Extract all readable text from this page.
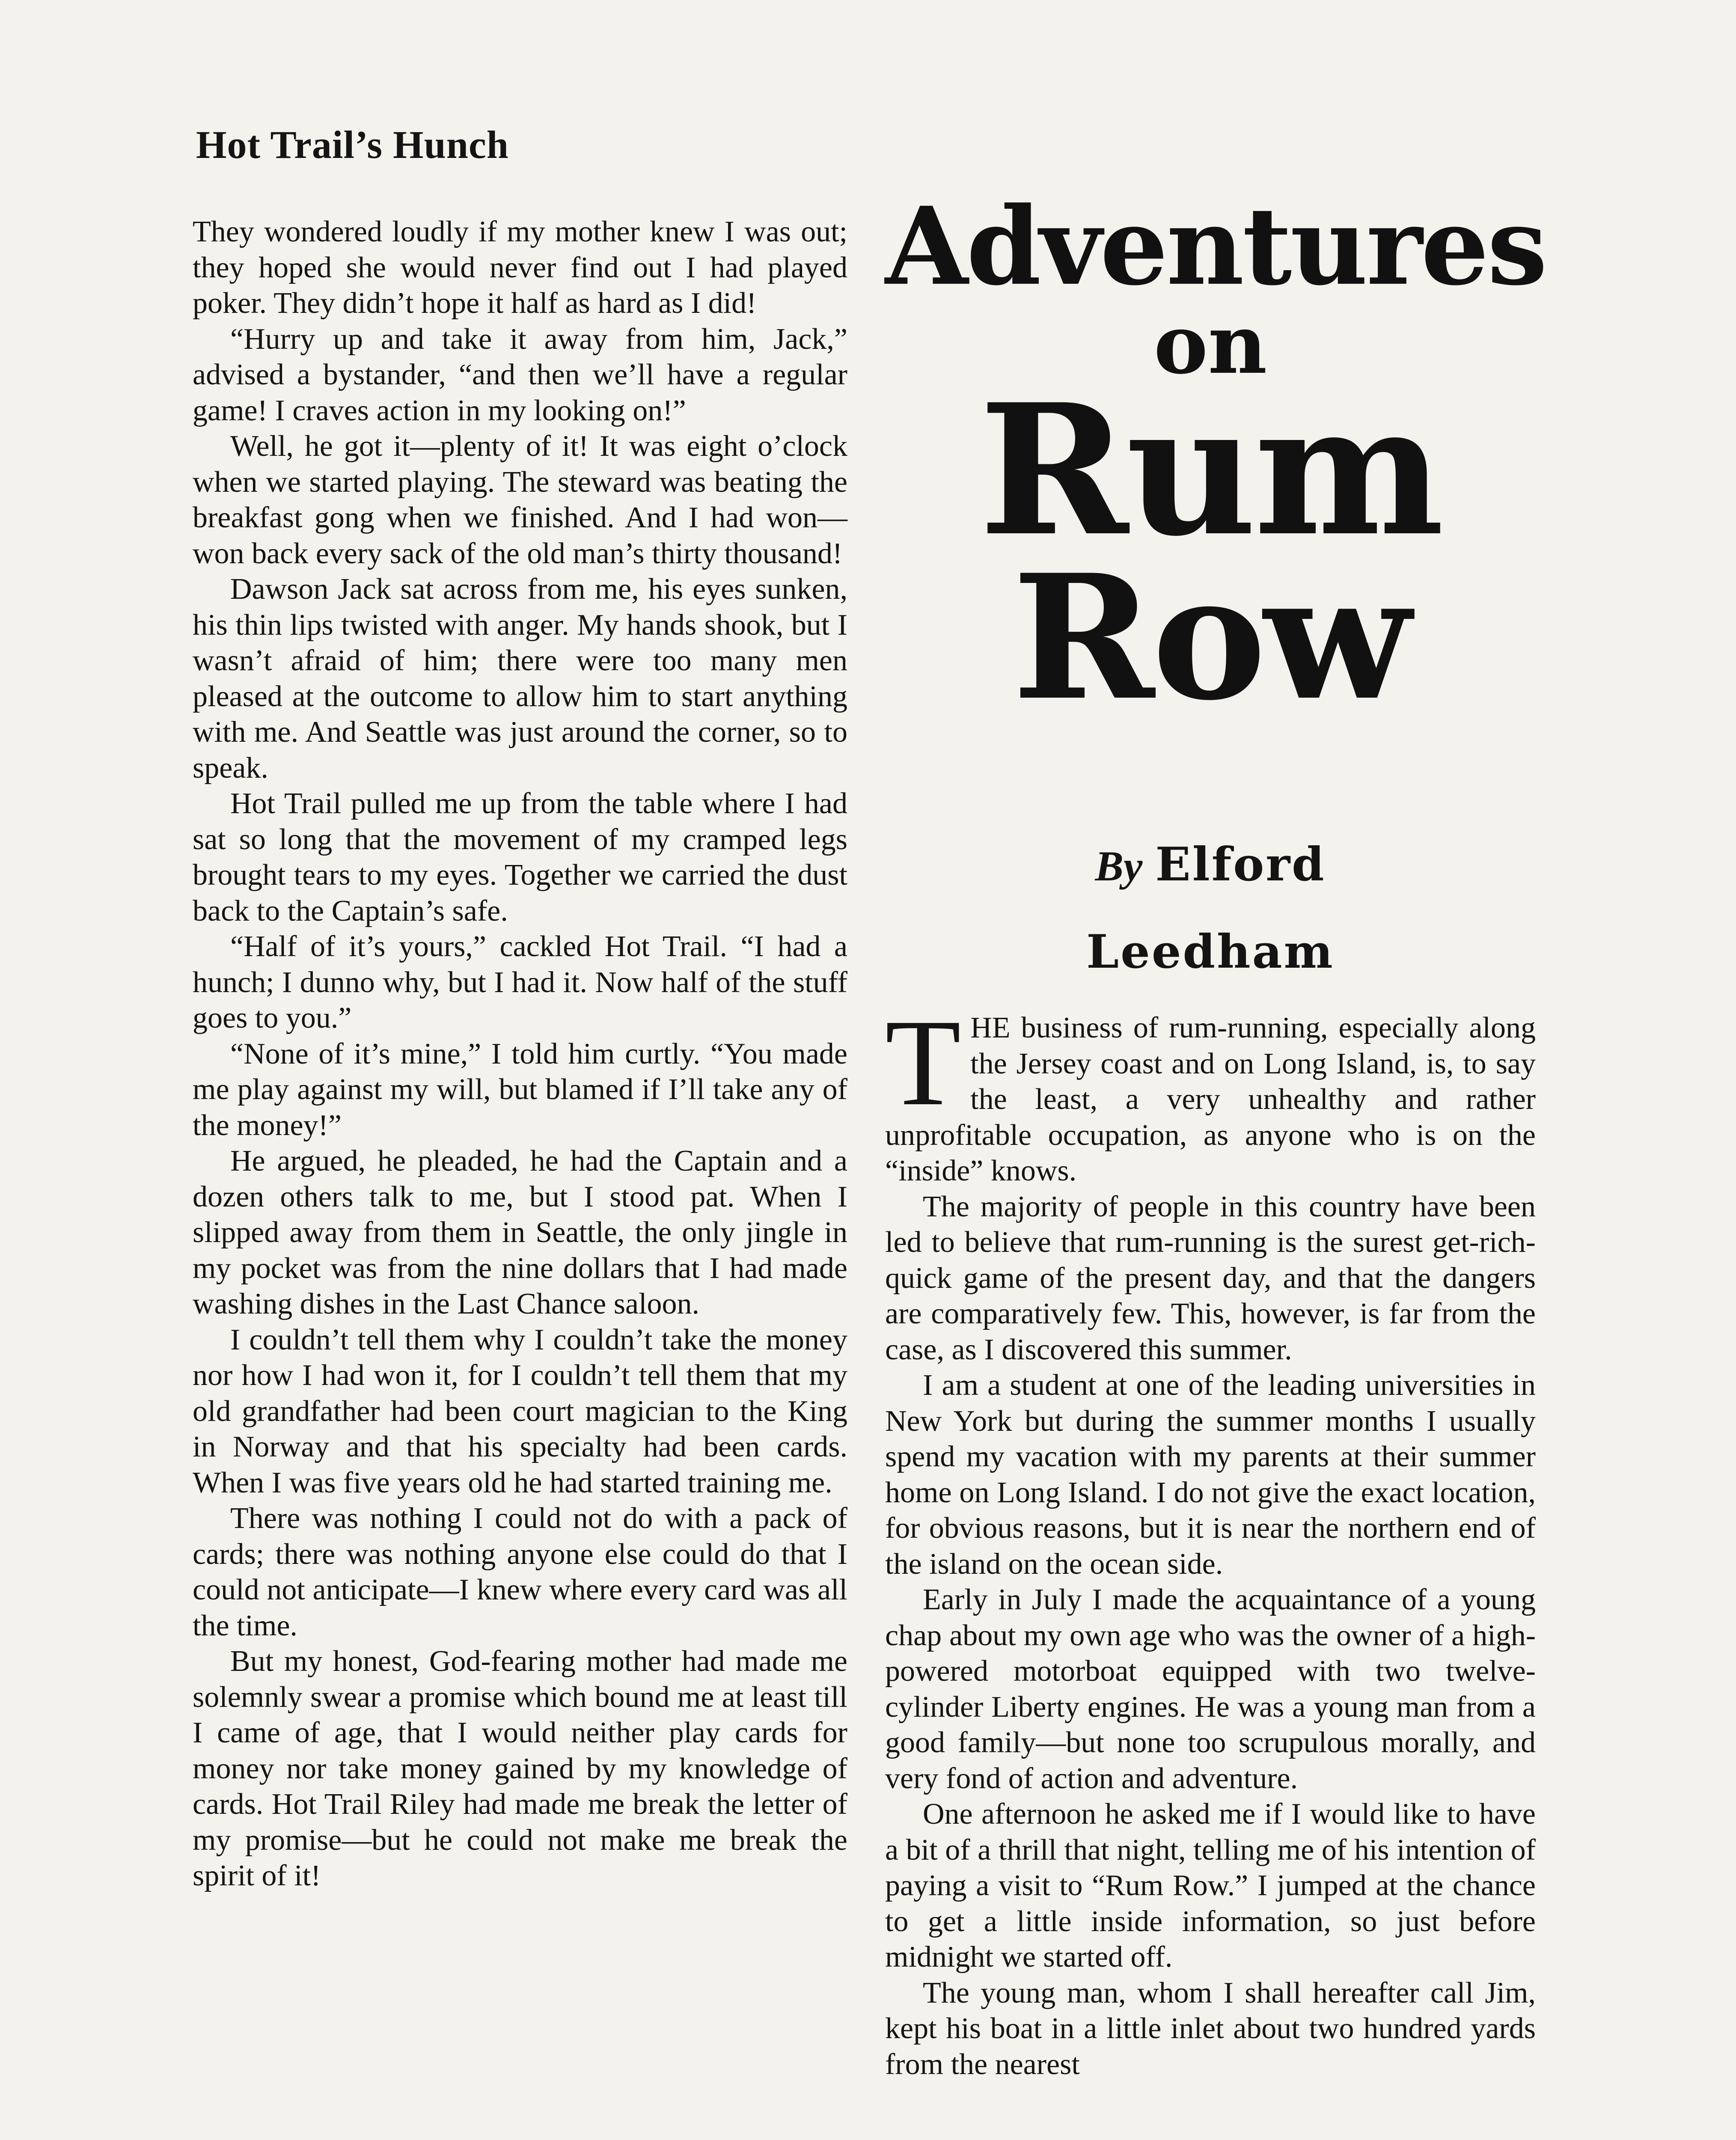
Hot Trail’s Hunch

They wondered loudly if my mother knew I was out; they hoped she would never find out I had played poker. They didn’t hope it half as hard as I did!

“Hurry up and take it away from him, Jack,” advised a bystander, “and then we’ll have a regular game! I craves action in my looking on!”

Well, he got it—plenty of it! It was eight o’clock when we started playing. The steward was beating the breakfast gong when we finished. And I had won—won back every sack of the old man’s thirty thousand!

Dawson Jack sat across from me, his eyes sunken, his thin lips twisted with anger. My hands shook, but I wasn’t afraid of him; there were too many men pleased at the outcome to allow him to start anything with me. And Seattle was just around the corner, so to speak.

Hot Trail pulled me up from the table where I had sat so long that the movement of my cramped legs brought tears to my eyes. Together we carried the dust back to the Captain’s safe.

“Half of it’s yours,” cackled Hot Trail. “I had a hunch; I dunno why, but I had it. Now half of the stuff goes to you.”

“None of it’s mine,” I told him curtly. “You made me play against my will, but blamed if I’ll take any of the money!”

He argued, he pleaded, he had the Captain and a dozen others talk to me, but I stood pat. When I slipped away from them in Seattle, the only jingle in my pocket was from the nine dollars that I had made washing dishes in the Last Chance saloon.

I couldn’t tell them why I couldn’t take the money nor how I had won it, for I couldn’t tell them that my old grandfather had been court magician to the King in Norway and that his specialty had been cards. When I was five years old he had started training me.

There was nothing I could not do with a pack of cards; there was nothing anyone else could do that I could not anticipate—I knew where every card was all the time.

But my honest, God-fearing mother had made me solemnly swear a promise which bound me at least till I came of age, that I would neither play cards for money nor take money gained by my knowledge of cards. Hot Trail Riley had made me break the letter of my promise—but he could not make me break the spirit of it!

Adventures
on
Rum
Row
By Elford
Leedham

THE business of rum-running, especially along the Jersey coast and on Long Island, is, to say the least, a very unhealthy and rather unprofitable occupation, as anyone who is on the “inside” knows.

The majority of people in this country have been led to believe that rum-running is the surest get-rich-quick game of the present day, and that the dangers are comparatively few. This, however, is far from the case, as I discovered this summer.

I am a student at one of the leading universities in New York but during the summer months I usually spend my vacation with my parents at their summer home on Long Island. I do not give the exact location, for obvious reasons, but it is near the northern end of the island on the ocean side.

Early in July I made the acquaintance of a young chap about my own age who was the owner of a high-powered motorboat equipped with two twelve-cylinder Liberty engines. He was a young man from a good family—but none too scrupulous morally, and very fond of action and adventure.

One afternoon he asked me if I would like to have a bit of a thrill that night, telling me of his intention of paying a visit to “Rum Row.” I jumped at the chance to get a little inside information, so just before midnight we started off.

The young man, whom I shall hereafter call Jim, kept his boat in a little inlet about two hundred yards from the nearest
